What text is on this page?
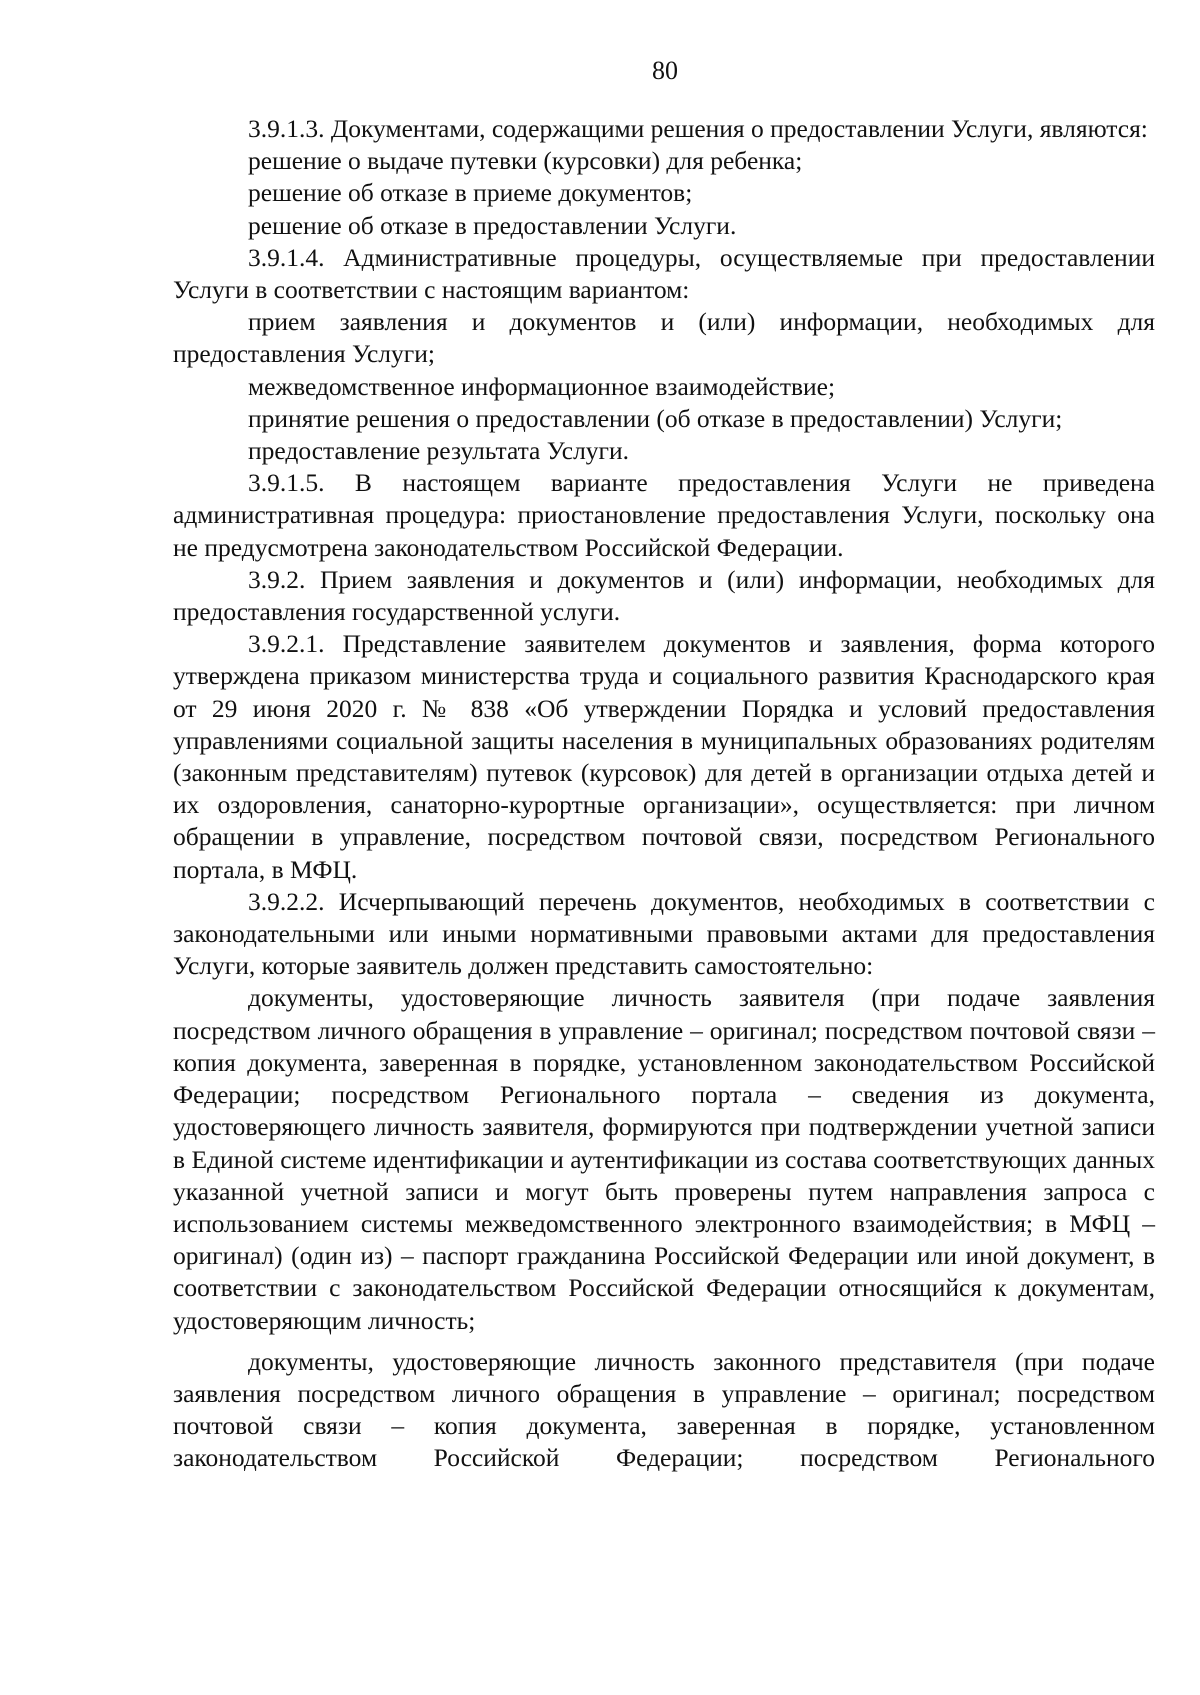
80

3.9.1.3. Документами, содержащими решения о предоставлении Услуги, являются:

решение о выдаче путевки (курсовки) для ребенка;

решение об отказе в приеме документов;

решение об отказе в предоставлении Услуги.

3.9.1.4. Административные процедуры, осуществляемые при предоставлении Услуги в соответствии с настоящим вариантом:

прием заявления и документов и (или) информации, необходимых для предоставления Услуги;

межведомственное информационное взаимодействие;

принятие решения о предоставлении (об отказе в предоставлении) Услуги;

предоставление результата Услуги.

3.9.1.5. В настоящем варианте предоставления Услуги не приведена административная процедура: приостановление предоставления Услуги, поскольку она не предусмотрена законодательством Российской Федерации.

3.9.2. Прием заявления и документов и (или) информации, необходимых для предоставления государственной услуги.

3.9.2.1. Представление заявителем документов и заявления, форма которого утверждена приказом министерства труда и социального развития Краснодарского края от 29 июня 2020 г. № 838 «Об утверждении Порядка и условий предоставления управлениями социальной защиты населения в муниципальных образованиях родителям (законным представителям) путевок (курсовок) для детей в организации отдыха детей и их оздоровления, санаторно-курортные организации», осуществляется: при личном обращении в управление, посредством почтовой связи, посредством Регионального портала, в МФЦ.

3.9.2.2. Исчерпывающий перечень документов, необходимых в соответствии с законодательными или иными нормативными правовыми актами для предоставления Услуги, которые заявитель должен представить самостоятельно:

документы, удостоверяющие личность заявителя (при подаче заявления посредством личного обращения в управление – оригинал; посредством почтовой связи – копия документа, заверенная в порядке, установленном законодательством Российской Федерации; посредством Регионального портала – сведения из документа, удостоверяющего личность заявителя, формируются при подтверждении учетной записи в Единой системе идентификации и аутентификации из состава соответствующих данных указанной учетной записи и могут быть проверены путем направления запроса с использованием системы межведомственного электронного взаимодействия; в МФЦ – оригинал) (один из) – паспорт гражданина Российской Федерации или иной документ, в соответствии с законодательством Российской Федерации относящийся к документам, удостоверяющим личность;

документы, удостоверяющие личность законного представителя (при подаче заявления посредством личного обращения в управление – оригинал; посредством почтовой связи – копия документа, заверенная в порядке, установленном законодательством Российской Федерации; посредством Регионального
